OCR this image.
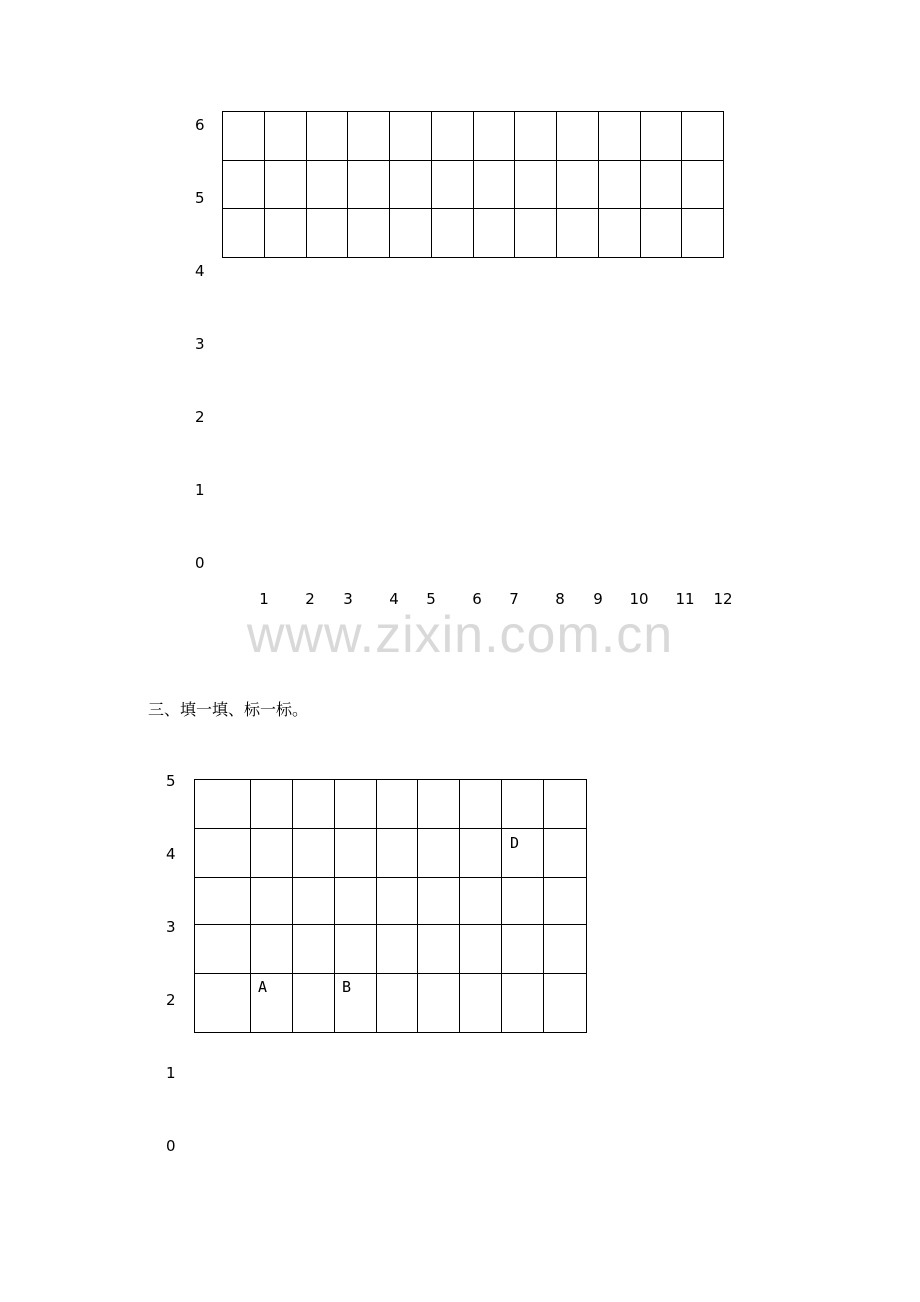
6
5
4
3
2
1
0

1	2	3	4	5	6	7	8	9	10	11	12
www.zixin.com.cn
三、填一填、标一标。
5
4
3
2
1
0

D
A	B
